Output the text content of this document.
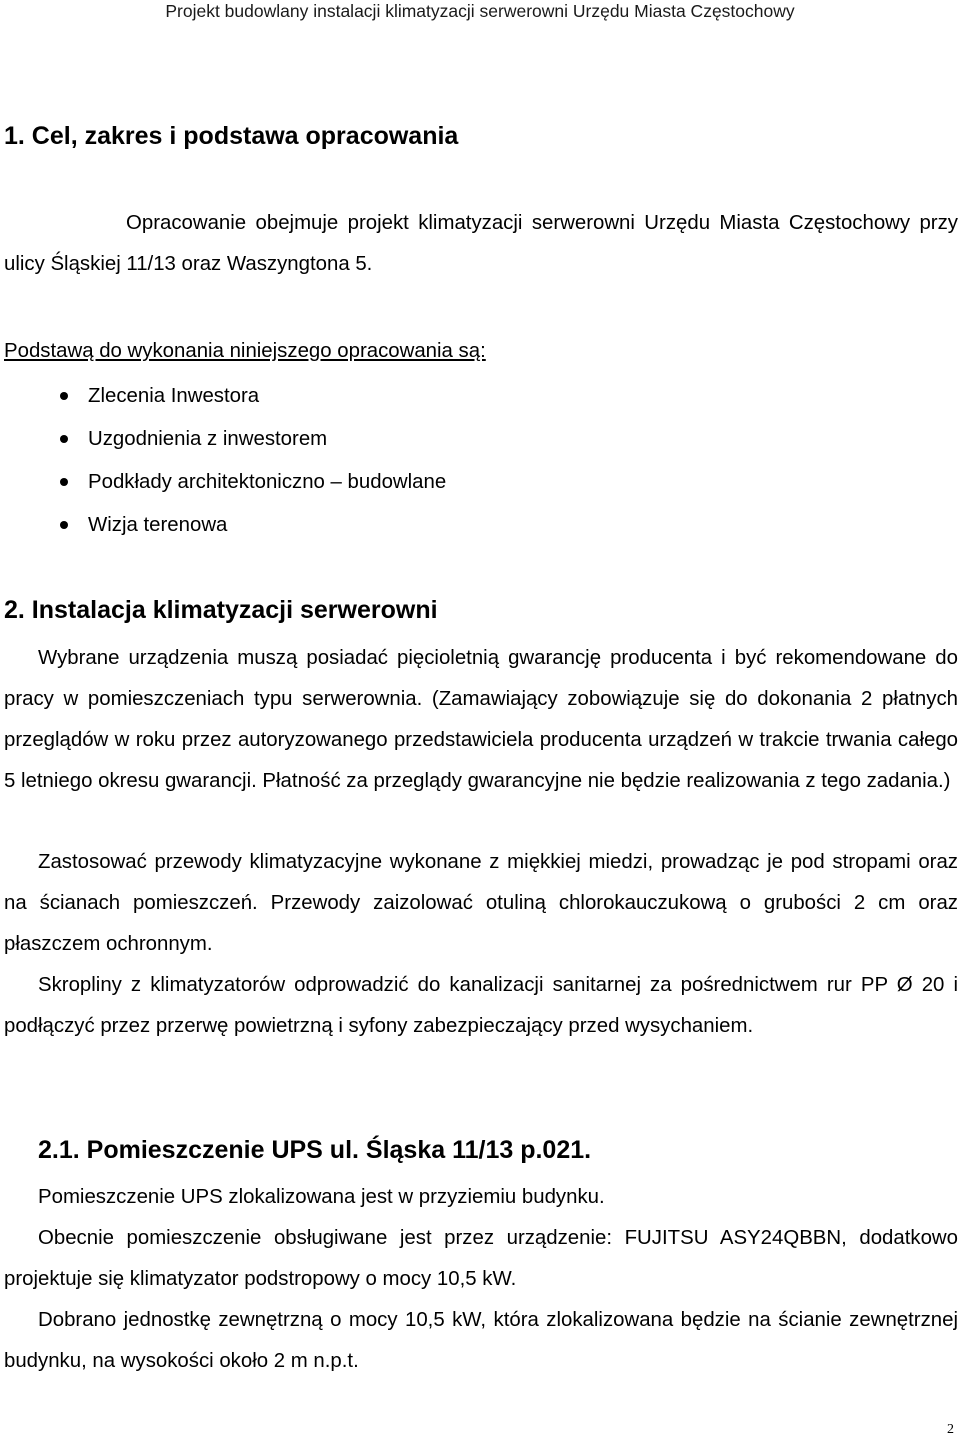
Projekt budowlany instalacji klimatyzacji serwerowni Urzędu Miasta Częstochowy
1. Cel, zakres i podstawa opracowania
Opracowanie obejmuje projekt klimatyzacji serwerowni Urzędu Miasta Częstochowy przy ulicy Śląskiej 11/13 oraz Waszyngtona 5.
Podstawą do wykonania niniejszego opracowania są:
Zlecenia Inwestora
Uzgodnienia z inwestorem
Podkłady architektoniczno – budowlane
Wizja terenowa
2. Instalacja klimatyzacji serwerowni
Wybrane urządzenia muszą posiadać pięcioletnią gwarancję producenta i być rekomendowane do pracy w pomieszczeniach typu serwerownia. (Zamawiający zobowiązuje się do dokonania 2 płatnych przeglądów w roku przez autoryzowanego przedstawiciela producenta urządzeń w trakcie trwania całego 5 letniego okresu gwarancji. Płatność za przeglądy gwarancyjne nie będzie realizowania z tego zadania.)
Zastosować przewody klimatyzacyjne wykonane z miękkiej miedzi, prowadząc je pod stropami oraz na ścianach pomieszczeń. Przewody zaizolować otuliną chlorokauczukową o grubości 2 cm oraz płaszczem ochronnym.
Skropliny z klimatyzatorów odprowadzić do kanalizacji sanitarnej za pośrednictwem rur PP Ø 20 i podłączyć przez przerwę powietrzną i syfony zabezpieczający przed wysychaniem.
2.1. Pomieszczenie UPS ul. Śląska 11/13 p.021.
Pomieszczenie UPS zlokalizowana jest w przyziemiu budynku.
Obecnie pomieszczenie obsługiwane jest przez urządzenie: FUJITSU ASY24QBBN, dodatkowo projektuje się klimatyzator podstropowy o mocy 10,5 kW.
Dobrano jednostkę zewnętrzną o mocy 10,5 kW, która zlokalizowana będzie na ścianie zewnętrznej budynku, na wysokości około 2 m n.p.t.
2
